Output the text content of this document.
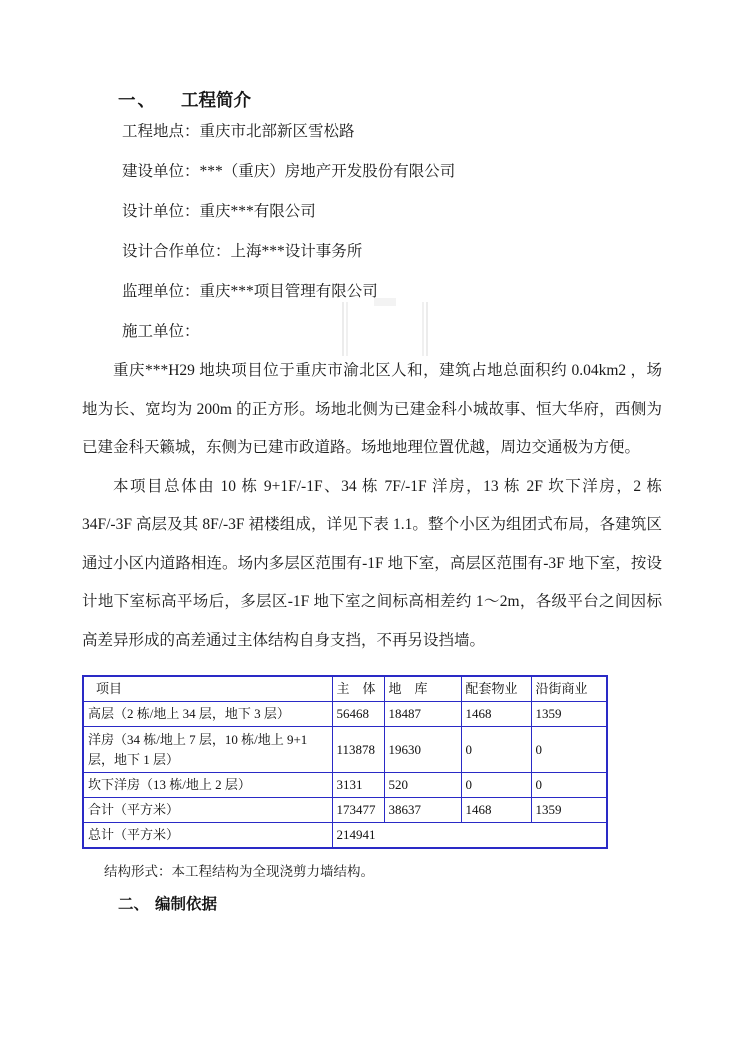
一、 工程简介

工程地点：重庆市北部新区雪松路

建设单位：***（重庆）房地产开发股份有限公司

设计单位：重庆***有限公司

设计合作单位：上海***设计事务所

监理单位：重庆***项目管理有限公司

施工单位：

重庆***H29 地块项目位于重庆市渝北区人和，建筑占地总面积约 0.04km2 ，场地为长、宽均为 200m 的正方形。场地北侧为已建金科小城故事、恒大华府，西侧为已建金科天籁城，东侧为已建市政道路。场地地理位置优越，周边交通极为方便。

本项目总体由 10 栋 9+1F/-1F、34 栋 7F/-1F 洋房，13 栋 2F 坎下洋房，2 栋 34F/-3F 高层及其 8F/-3F 裙楼组成，详见下表 1.1。整个小区为组团式布局，各建筑区通过小区内道路相连。场内多层区范围有-1F 地下室，高层区范围有-3F 地下室，按设计地下室标高平场后，多层区-1F 地下室之间标高相差约 1～2m，各级平台之间因标高差异形成的高差通过主体结构自身支挡，不再另设挡墙。

项目	主　体	地　库	配套物业	沿街商业
高层（2 栋/地上 34 层，地下 3 层）	56468	18487	1468	1359
洋房（34 栋/地上 7 层，10 栋/地上 9+1 层，地下 1 层）	113878	19630	0	0
坎下洋房（13 栋/地上 2 层）	3131	520	0	0
合计（平方米）	173477	38637	1468	1359
总计（平方米）	214941			

结构形式：本工程结构为全现浇剪力墙结构。

二、 编制依据
